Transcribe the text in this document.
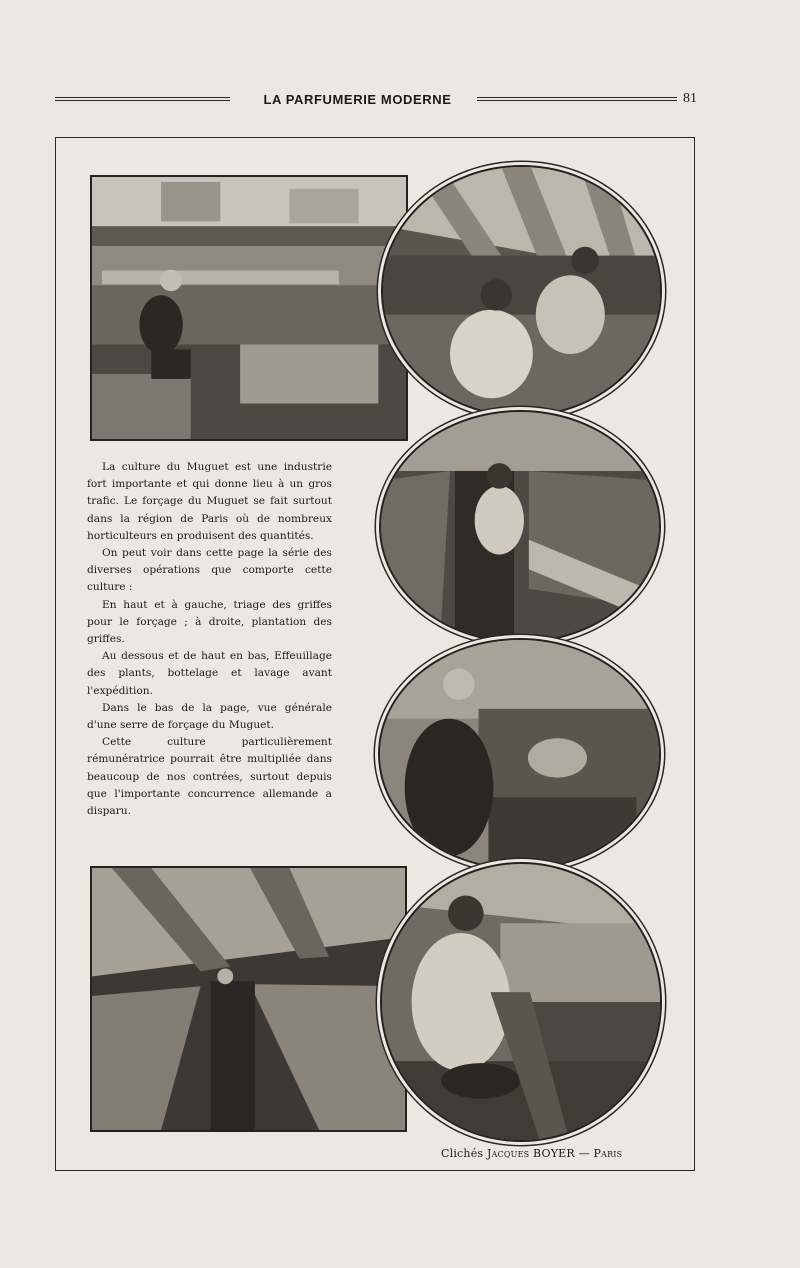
LA PARFUMERIE MODERNE	81

La culture du Muguet est une industrie fort importante et qui donne lieu à un gros trafic. Le forçage du Muguet se fait surtout dans la région de Paris où de nombreux horticulteurs en produisent des quantités.

On peut voir dans cette page la série des diverses opérations que comporte cette culture :

En haut et à gauche, triage des griffes pour le forçage ; à droite, plantation des griffes.

Au dessous et de haut en bas, Effeuillage des plants, bottelage et lavage avant l'expédition.

Dans le bas de la page, vue générale d'une serre de forçage du Muguet.

Cette culture particulièrement rémunératrice pourrait être multipliée dans beaucoup de nos contrées, surtout depuis que l'importante concurrence allemande a disparu.

Clichés Jacques BOYER — Paris
